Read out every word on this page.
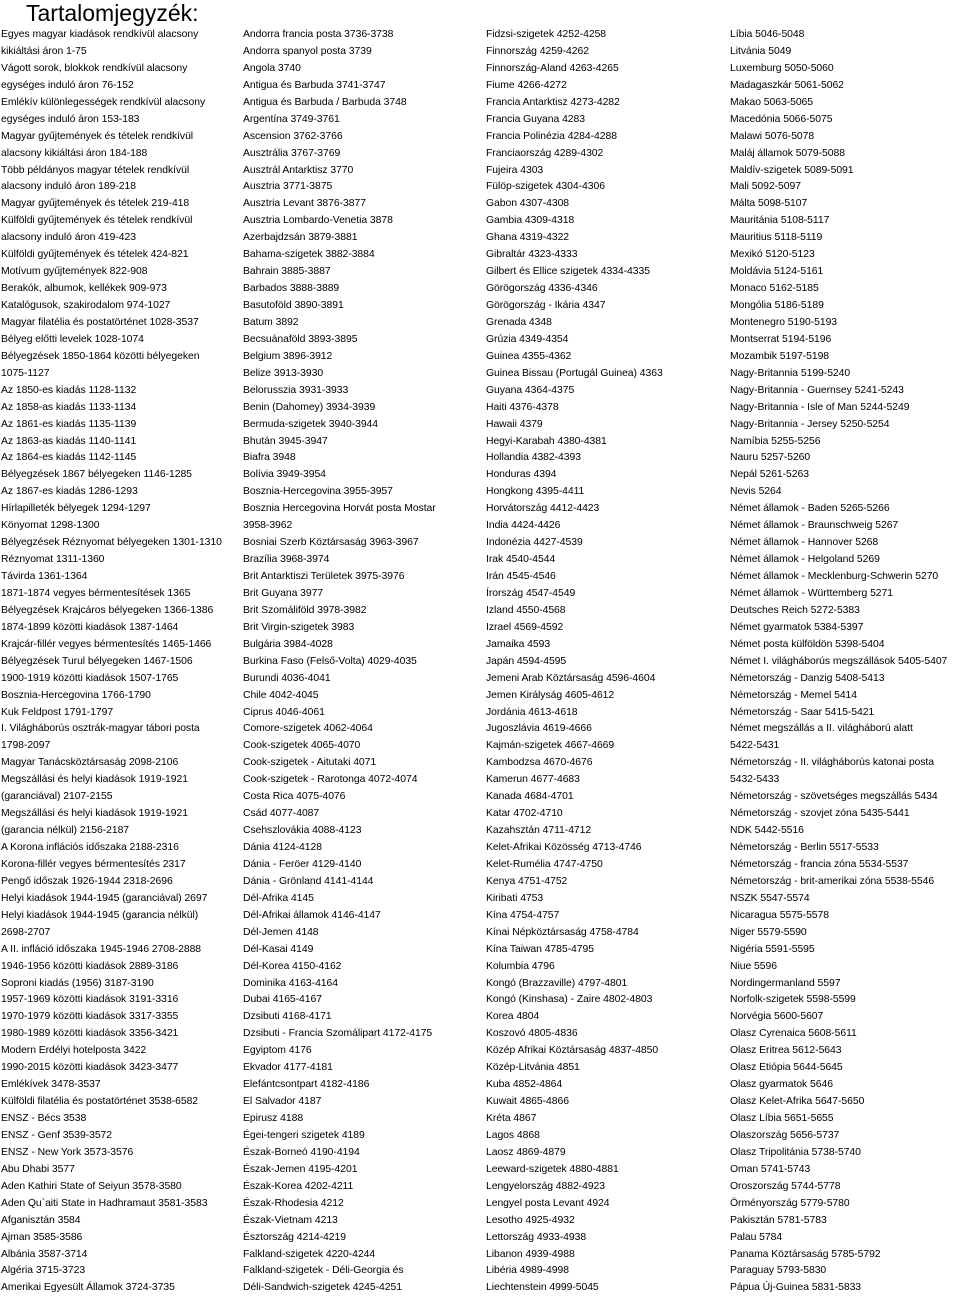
Tartalomjegyzék:
Egyes magyar kiadások rendkívül alacsony
kikiáltási áron 1-75
Vágott sorok, blokkok rendkívül alacsony
egységes induló áron 76-152
Emlékív különlegességek rendkívül alacsony
egységes induló áron 153-183
Magyar gyűjtemények és tételek rendkívül
alacsony kikiáltási áron 184-188
Több példányos magyar tételek rendkívül
alacsony induló áron 189-218
Magyar gyűjtemények és tételek 219-418
Külföldi gyűjtemények és tételek rendkívül
alacsony induló áron 419-423
Külföldi gyűjtemények és tételek 424-821
Motívum gyűjtemények 822-908
Berakók, albumok, kellékek 909-973
Katalógusok, szakirodalom 974-1027
Magyar filatélia és postatörténet 1028-3537
Bélyeg előtti levelek 1028-1074
Bélyegzések 1850-1864 közötti bélyegeken
1075-1127
Az 1850-es kiadás 1128-1132
Az 1858-as kiadás 1133-1134
Az 1861-es kiadás 1135-1139
Az 1863-as kiadás 1140-1141
Az 1864-es kiadás 1142-1145
Bélyegzések 1867 bélyegeken 1146-1285
Az 1867-es kiadás 1286-1293
Hírlapilleték bélyegek 1294-1297
Könyomat 1298-1300
Bélyegzések Réznyomat bélyegeken 1301-1310
Réznyomat 1311-1360
Távirda 1361-1364
1871-1874 vegyes bérmentesítések 1365
Bélyegzések Krajcáros bélyegeken 1366-1386
1874-1899 közötti kiadások 1387-1464
Krajcár-fillér vegyes bérmentesítés 1465-1466
Bélyegzések Turul bélyegeken 1467-1506
1900-1919 közötti kiadások 1507-1765
Bosznia-Hercegovina 1766-1790
Kuk Feldpost 1791-1797
I. Világháborús osztrák-magyar tábori posta
1798-2097
Magyar Tanácsköztársaság 2098-2106
Megszállási és helyi kiadások 1919-1921
(garanciával) 2107-2155
Megszállási és helyi kiadások 1919-1921
(garancia nélkül) 2156-2187
A Korona inflációs időszaka 2188-2316
Korona-fillér vegyes bérmentesítés 2317
Pengő időszak 1926-1944 2318-2696
Helyi kiadások 1944-1945 (garanciával) 2697
Helyi kiadások 1944-1945 (garancia nélkül)
2698-2707
A II. infláció időszaka 1945-1946 2708-2888
1946-1956 közötti kiadások 2889-3186
Soproni kiadás (1956) 3187-3190
1957-1969 közötti kiadások 3191-3316
1970-1979 közötti kiadások 3317-3355
1980-1989 közötti kiadások 3356-3421
Modern Erdélyi hotelposta 3422
1990-2015 közötti kiadások 3423-3477
Emlékívek 3478-3537
Külföldi filatélia és postatörténet 3538-6582
ENSZ - Bécs 3538
ENSZ - Genf 3539-3572
ENSZ - New York 3573-3576
Abu Dhabi 3577
Aden Kathiri State of Seiyun 3578-3580
Aden Qu`aiti State in Hadhramaut 3581-3583
Afganisztán 3584
Ajman 3585-3586
Albánia 3587-3714
Algéria 3715-3723
Amerikai Egyesült Államok 3724-3735
Andorra francia posta 3736-3738
Andorra spanyol posta 3739
Angola 3740
Antigua és Barbuda 3741-3747
Antigua és Barbuda / Barbuda 3748
Argentína 3749-3761
Ascension 3762-3766
Ausztrália 3767-3769
Ausztrál Antarktisz 3770
Ausztria 3771-3875
Ausztria Levant 3876-3877
Ausztria Lombardo-Venetia 3878
Azerbajdzsán 3879-3881
Bahama-szigetek 3882-3884
Bahrain 3885-3887
Barbados 3888-3889
Basutoföld 3890-3891
Batum 3892
Becsuánaföld 3893-3895
Belgium 3896-3912
Belize 3913-3930
Belorusszia 3931-3933
Benin (Dahomey) 3934-3939
Bermuda-szigetek 3940-3944
Bhután 3945-3947
Biafra 3948
Bolívia 3949-3954
Bosznia-Hercegovina 3955-3957
Bosznia Hercegovina Horvát posta Mostar
3958-3962
Bosniai Szerb Köztársaság 3963-3967
Brazília 3968-3974
Brit Antarktiszi Területek 3975-3976
Brit Guyana 3977
Brit Szomáliföld 3978-3982
Brit Virgin-szigetek 3983
Bulgária 3984-4028
Burkina Faso (Felső-Volta) 4029-4035
Burundi 4036-4041
Chile 4042-4045
Ciprus 4046-4061
Comore-szigetek 4062-4064
Cook-szigetek 4065-4070
Cook-szigetek - Aitutaki 4071
Cook-szigetek - Rarotonga 4072-4074
Costa Rica 4075-4076
Csád 4077-4087
Csehszlovákia 4088-4123
Dánia 4124-4128
Dánia - Feröer 4129-4140
Dánia - Grönland 4141-4144
Dél-Afrika 4145
Dél-Afrikai államok 4146-4147
Dél-Jemen 4148
Dél-Kasai 4149
Dél-Korea 4150-4162
Dominika 4163-4164
Dubai 4165-4167
Dzsibuti 4168-4171
Dzsibuti - Francia Szomálipart 4172-4175
Egyiptom 4176
Ekvador 4177-4181
Elefántcsontpart 4182-4186
El Salvador 4187
Epirusz 4188
Égei-tengeri szigetek 4189
Észak-Borneó 4190-4194
Észak-Jemen 4195-4201
Észak-Korea 4202-4211
Észak-Rhodesia 4212
Észak-Vietnam 4213
Észtország 4214-4219
Falkland-szigetek 4220-4244
Falkland-szigetek - Déli-Georgia és
Déli-Sandwich-szigetek 4245-4251
Fidzsi-szigetek 4252-4258
Finnország 4259-4262
Finnország-Aland 4263-4265
Fiume 4266-4272
Francia Antarktisz 4273-4282
Francia Guyana 4283
Francia Polinézia 4284-4288
Franciaország 4289-4302
Fujeira 4303
Fülöp-szigetek 4304-4306
Gabon 4307-4308
Gambia 4309-4318
Ghana 4319-4322
Gibraltár 4323-4333
Gilbert és Ellice szigetek 4334-4335
Görögország 4336-4346
Görögország - Ikária 4347
Grenada 4348
Grúzia 4349-4354
Guinea 4355-4362
Guinea Bissau (Portugál Guinea) 4363
Guyana 4364-4375
Haiti 4376-4378
Hawaii 4379
Hegyi-Karabah 4380-4381
Hollandia 4382-4393
Honduras 4394
Hongkong 4395-4411
Horvátország 4412-4423
India 4424-4426
Indonézia 4427-4539
Irak 4540-4544
Irán 4545-4546
Írország 4547-4549
Izland 4550-4568
Izrael 4569-4592
Jamaika 4593
Japán 4594-4595
Jemeni Arab Köztársaság 4596-4604
Jemen Királyság 4605-4612
Jordánia 4613-4618
Jugoszlávia 4619-4666
Kajmán-szigetek 4667-4669
Kambodzsa 4670-4676
Kamerun 4677-4683
Kanada 4684-4701
Katar 4702-4710
Kazahsztán 4711-4712
Kelet-Afrikai Közösség 4713-4746
Kelet-Rumélia 4747-4750
Kenya 4751-4752
Kiribati 4753
Kína 4754-4757
Kínai Népköztársaság 4758-4784
Kína Taiwan 4785-4795
Kolumbia 4796
Kongó (Brazzaville) 4797-4801
Kongó (Kinshasa) - Zaire 4802-4803
Korea 4804
Koszovó 4805-4836
Közép Afrikai Köztársaság 4837-4850
Közép-Litvánia 4851
Kuba 4852-4864
Kuwait 4865-4866
Kréta 4867
Lagos 4868
Laosz 4869-4879
Leeward-szigetek 4880-4881
Lengyelország 4882-4923
Lengyel posta Levant 4924
Lesotho 4925-4932
Lettország 4933-4938
Libanon 4939-4988
Libéria 4989-4998
Liechtenstein 4999-5045
Líbia 5046-5048
Litvánia 5049
Luxemburg 5050-5060
Madagaszkár 5061-5062
Makao 5063-5065
Macedónia 5066-5075
Malawi 5076-5078
Maláj államok 5079-5088
Maldív-szigetek 5089-5091
Mali 5092-5097
Málta 5098-5107
Mauritánia 5108-5117
Mauritius 5118-5119
Mexikó 5120-5123
Moldávia 5124-5161
Monaco 5162-5185
Mongólia 5186-5189
Montenegro 5190-5193
Montserrat 5194-5196
Mozambik 5197-5198
Nagy-Britannia 5199-5240
Nagy-Britannia - Guernsey 5241-5243
Nagy-Britannia - Isle of Man 5244-5249
Nagy-Britannia - Jersey 5250-5254
Namíbia 5255-5256
Nauru 5257-5260
Nepál 5261-5263
Nevis 5264
Német államok - Baden 5265-5266
Német államok - Braunschweig 5267
Német államok - Hannover 5268
Német államok - Helgoland 5269
Német államok - Mecklenburg-Schwerin 5270
Német államok - Württemberg 5271
Deutsches Reich 5272-5383
Német gyarmatok 5384-5397
Német posta külföldön 5398-5404
Német I. világháborús megszállások 5405-5407
Németország - Danzig 5408-5413
Németország - Memel 5414
Németország - Saar 5415-5421
Német megszállás a II. világháború alatt
5422-5431
Németország - II. világháborús katonai posta
5432-5433
Németország - szövetséges megszállás 5434
Németország - szovjet zóna 5435-5441
NDK 5442-5516
Németország - Berlin 5517-5533
Németország - francia zóna 5534-5537
Németország - brit-amerikai zóna 5538-5546
NSZK 5547-5574
Nicaragua 5575-5578
Niger 5579-5590
Nigéria 5591-5595
Niue 5596
Nordingermanland 5597
Norfolk-szigetek 5598-5599
Norvégia 5600-5607
Olasz Cyrenaica 5608-5611
Olasz Eritrea 5612-5643
Olasz Etiópia 5644-5645
Olasz gyarmatok 5646
Olasz Kelet-Afrika 5647-5650
Olasz Líbia 5651-5655
Olaszország 5656-5737
Olasz Tripolitánia 5738-5740
Oman 5741-5743
Oroszország 5744-5778
Örményország 5779-5780
Pakisztán 5781-5783
Palau 5784
Panama Köztársaság 5785-5792
Paraguay 5793-5830
Pápua Új-Guinea 5831-5833
